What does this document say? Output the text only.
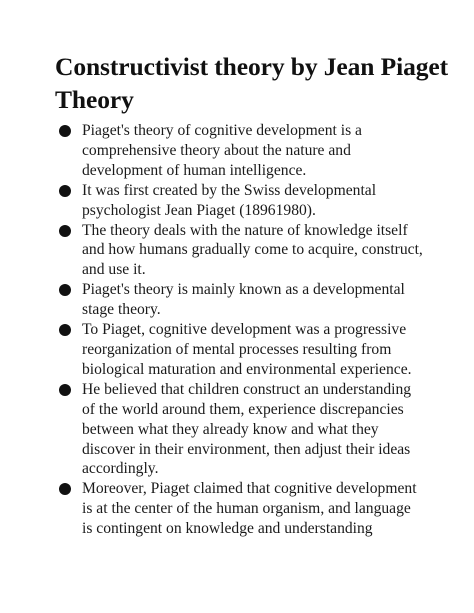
Constructivist theory by Jean Piaget
Theory
Piaget's theory of cognitive development is a comprehensive theory about the nature and development of human intelligence.
It was first created by the Swiss developmental psychologist Jean Piaget (18961980).
The theory deals with the nature of knowledge itself and how humans gradually come to acquire, construct, and use it.
Piaget's theory is mainly known as a developmental stage theory.
To Piaget, cognitive development was a progressive reorganization of mental processes resulting from biological maturation and environmental experience.
He believed that children construct an understanding of the world around them, experience discrepancies between what they already know and what they discover in their environment, then adjust their ideas accordingly.
Moreover, Piaget claimed that cognitive development is at the center of the human organism, and language is contingent on knowledge and understanding
